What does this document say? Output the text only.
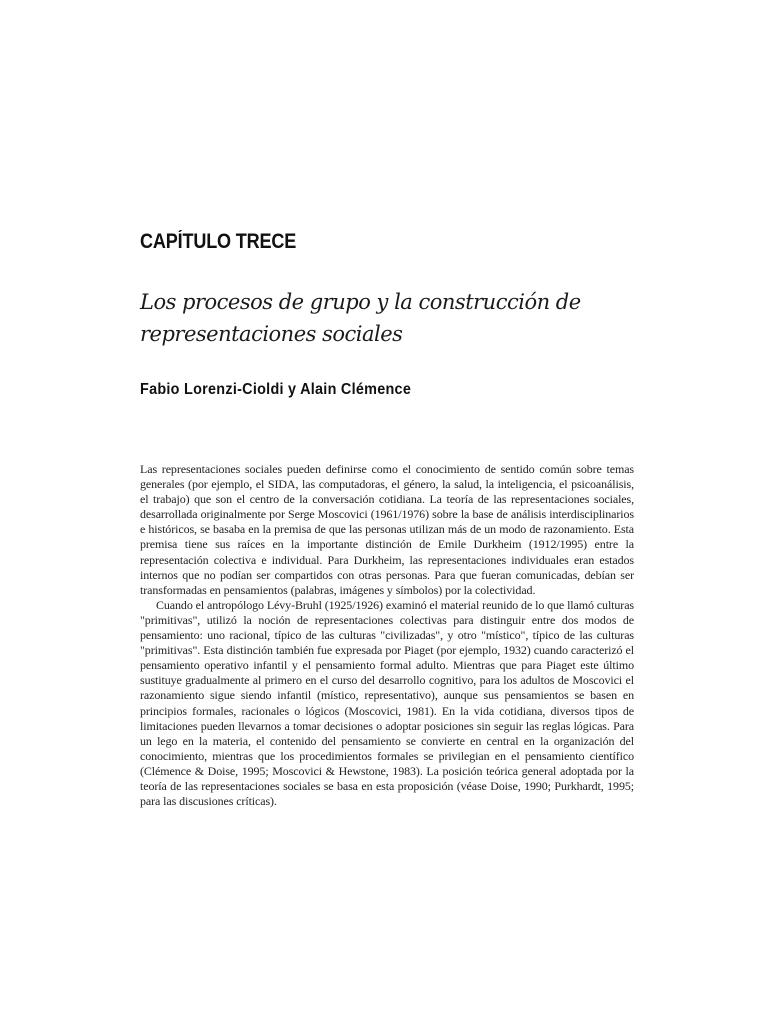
CAPÍTULO TRECE
Los procesos de grupo y la construcción de representaciones sociales
Fabio Lorenzi-Cioldi y Alain Clémence

Las representaciones sociales pueden definirse como el conocimiento de sentido común sobre temas generales (por ejemplo, el SIDA, las computadoras, el género, la salud, la inteligencia, el psicoanálisis, el trabajo) que son el centro de la conversación cotidiana. La teoría de las representaciones sociales, desarrollada originalmente por Serge Moscovici (1961/1976) sobre la base de análisis interdisciplinarios e históricos, se basaba en la premisa de que las personas utilizan más de un modo de razonamiento. Esta premisa tiene sus raíces en la importante distinción de Emile Durkheim (1912/1995) entre la representación colectiva e individual. Para Durkheim, las representaciones individuales eran estados internos que no podían ser compartidos con otras personas. Para que fueran comunicadas, debían ser transformadas en pensamientos (palabras, imágenes y símbolos) por la colectividad.

Cuando el antropólogo Lévy-Bruhl (1925/1926) examinó el material reunido de lo que llamó culturas "primitivas", utilizó la noción de representaciones colectivas para distinguir entre dos modos de pensamiento: uno racional, típico de las culturas "civilizadas", y otro "místico", típico de las culturas "primitivas". Esta distinción también fue expresada por Piaget (por ejemplo, 1932) cuando caracterizó el pensamiento operativo infantil y el pensamiento formal adulto. Mientras que para Piaget este último sustituye gradualmente al primero en el curso del desarrollo cognitivo, para los adultos de Moscovici el razonamiento sigue siendo infantil (místico, representativo), aunque sus pensamientos se basen en principios formales, racionales o lógicos (Moscovici, 1981). En la vida cotidiana, diversos tipos de limitaciones pueden llevarnos a tomar decisiones o adoptar posiciones sin seguir las reglas lógicas. Para un lego en la materia, el contenido del pensamiento se convierte en central en la organización del conocimiento, mientras que los procedimientos formales se privilegian en el pensamiento científico (Clémence & Doise, 1995; Moscovici & Hewstone, 1983). La posición teórica general adoptada por la teoría de las representaciones sociales se basa en esta proposición (véase Doise, 1990; Purkhardt, 1995; para las discusiones críticas).
